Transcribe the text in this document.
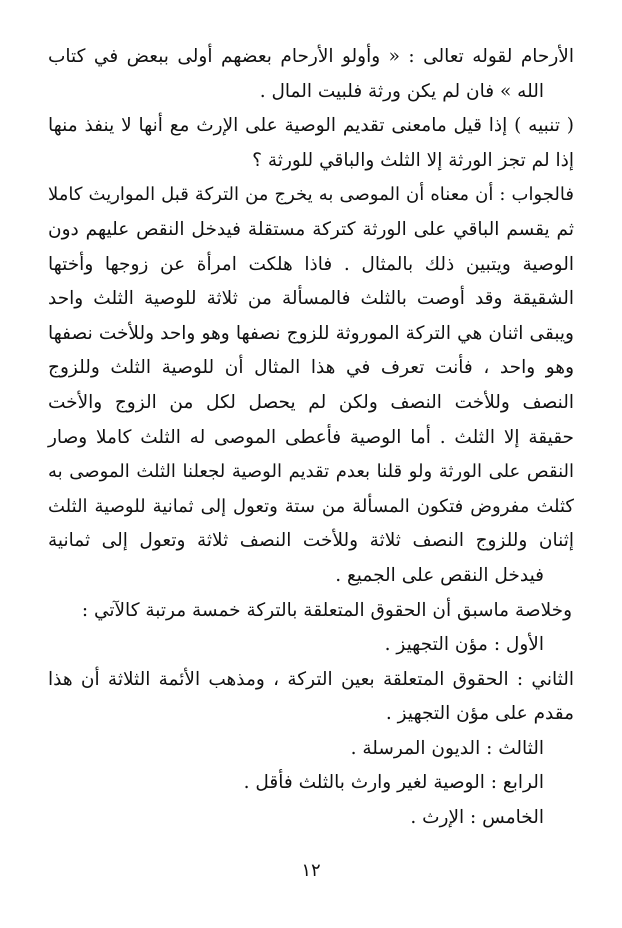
الأرحام لقوله تعالى : « وأولو الأرحام بعضهم أولى ببعض في كتاب
الله » فان لم يكن ورثة فلبيت المال .
( تنبيه ) إذا قيل مامعنى تقديم الوصية على الإرث مع أنها لا ينفذ منها
إذا لم تجز الورثة إلا الثلث والباقي للورثة ؟
فالجواب : أن معناه أن الموصى به يخرج من التركة قبل المواريث كاملا
ثم يقسم الباقي على الورثة كتركة مستقلة فيدخل النقص عليهم دون
الوصية ويتبين ذلك بالمثال . فاذا هلكت امرأة عن زوجها وأختها
الشقيقة وقد أوصت بالثلث فالمسألة من ثلاثة للوصية الثلث واحد
ويبقى اثنان هي التركة الموروثة للزوج نصفها وهو واحد وللأخت نصفها
وهو واحد ، فأنت تعرف في هذا المثال أن للوصية الثلث وللزوج
النصف وللأخت النصف ولكن لم يحصل لكل من الزوج والأخت
حقيقة إلا الثلث . أما الوصية فأعطى الموصى له الثلث كاملا وصار
النقص على الورثة ولو قلنا بعدم تقديم الوصية لجعلنا الثلث الموصى به
كثلث مفروض فتكون المسألة من ستة وتعول إلى ثمانية للوصية الثلث
إثنان وللزوج النصف ثلاثة وللأخت النصف ثلاثة وتعول إلى ثمانية
فيدخل النقص على الجميع .
وخلاصة ماسبق أن الحقوق المتعلقة بالتركة خمسة مرتبة كالآتي :
الأول : مؤن التجهيز .
الثاني : الحقوق المتعلقة بعين التركة ، ومذهب الأئمة الثلاثة أن هذا
مقدم على مؤن التجهيز .
الثالث : الديون المرسلة .
الرابع : الوصية لغير وارث بالثلث فأقل .
الخامس : الإرث .
١٢
